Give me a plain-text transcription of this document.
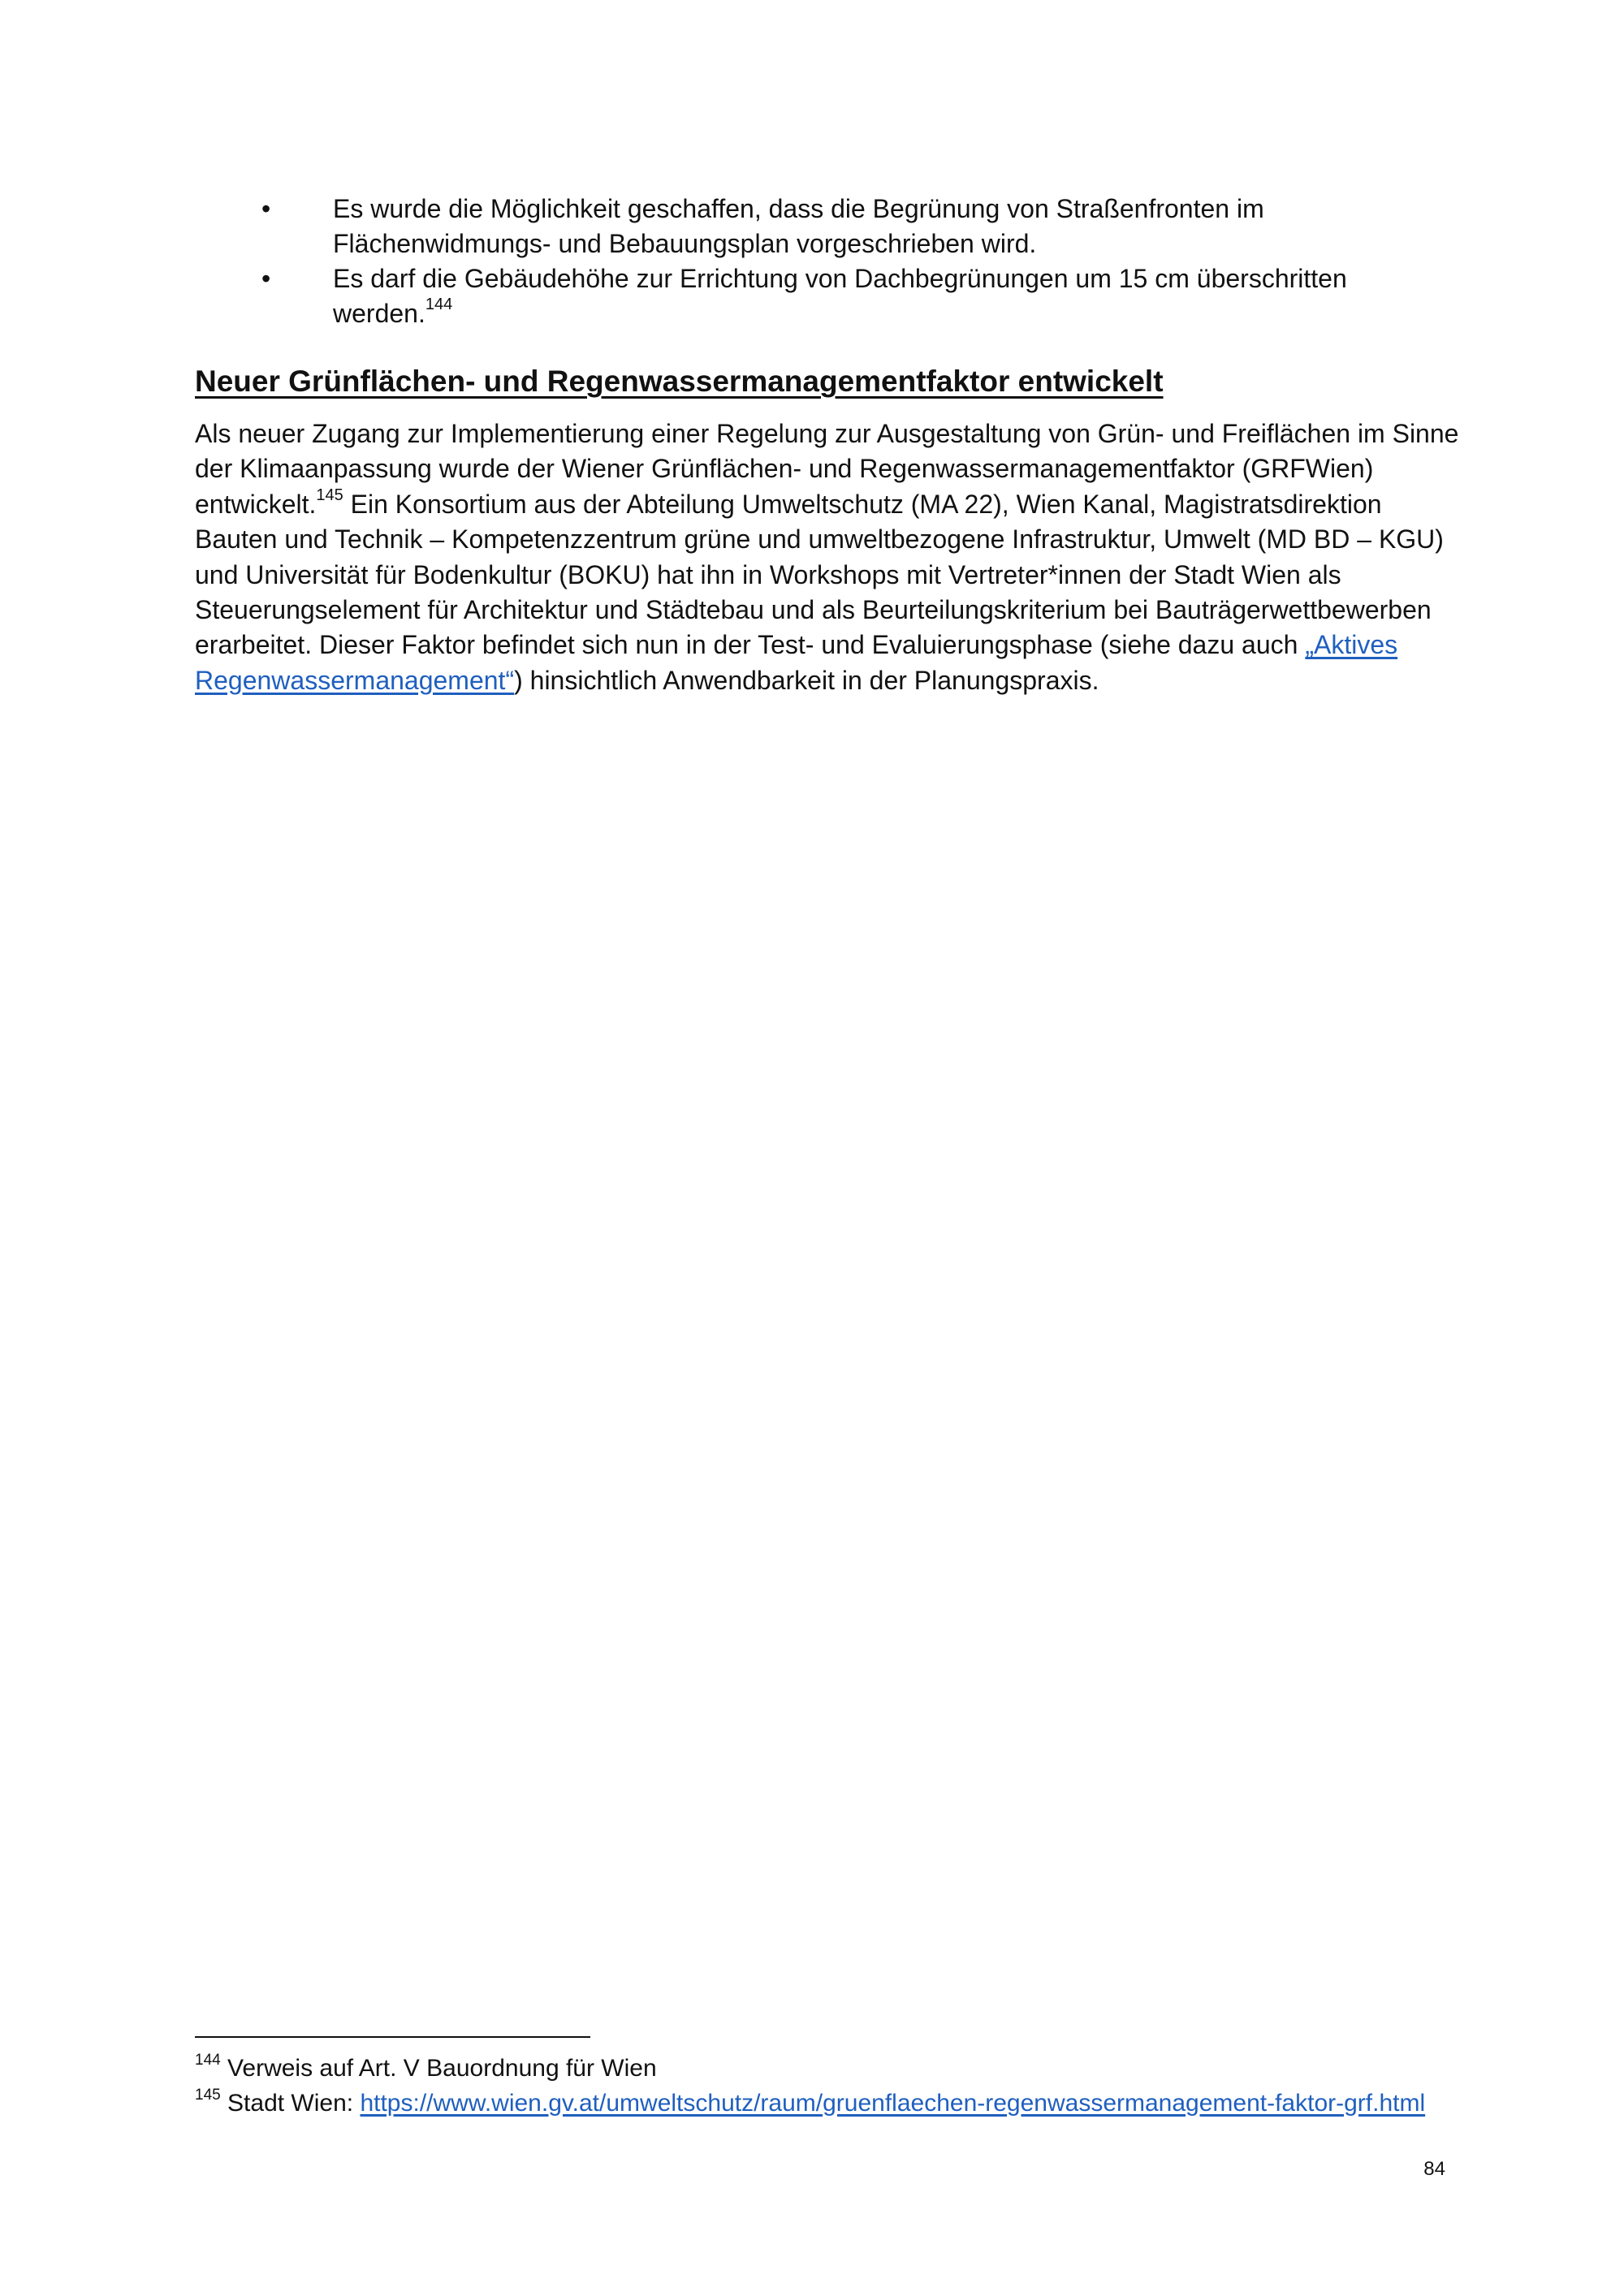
• Es wurde die Möglichkeit geschaffen, dass die Begrünung von Straßenfronten im Flächenwidmungs- und Bebauungsplan vorgeschrieben wird.
• Es darf die Gebäudehöhe zur Errichtung von Dachbegrünungen um 15 cm überschritten werden.$^{144}$
Neuer Grünflächen- und Regenwassermanagementfaktor entwickelt

Als neuer Zugang zur Implementierung einer Regelung zur Ausgestaltung von Grün- und Freiflächen im Sinne der Klimaanpassung wurde der Wiener Grünflächen- und Regenwassermanagementfaktor (GRFWien) entwickelt.$^{145}$ Ein Konsortium aus der Abteilung Umweltschutz (MA 22), Wien Kanal, Magistratsdirektion Bauten und Technik – Kompetenzzentrum grüne und umweltbezogene Infrastruktur, Umwelt (MD BD – KGU) und Universität für Bodenkultur (BOKU) hat ihn in Workshops mit Vertreter*innen der Stadt Wien als Steuerungselement für Architektur und Städtebau und als Beurteilungskriterium bei Bauträgerwettbewerben erarbeitet. Dieser Faktor befindet sich nun in der Test- und Evaluierungsphase (siehe dazu auch „Aktives Regenwassermanagement“) hinsichtlich Anwendbarkeit in der Planungspraxis.

$^{144}$ Verweis auf Art. V Bauordnung für Wien

$^{145}$ Stadt Wien: https://www.wien.gv.at/umweltschutz/raum/gruenflaechen-regenwassermanagement-faktor-grf.html

84
